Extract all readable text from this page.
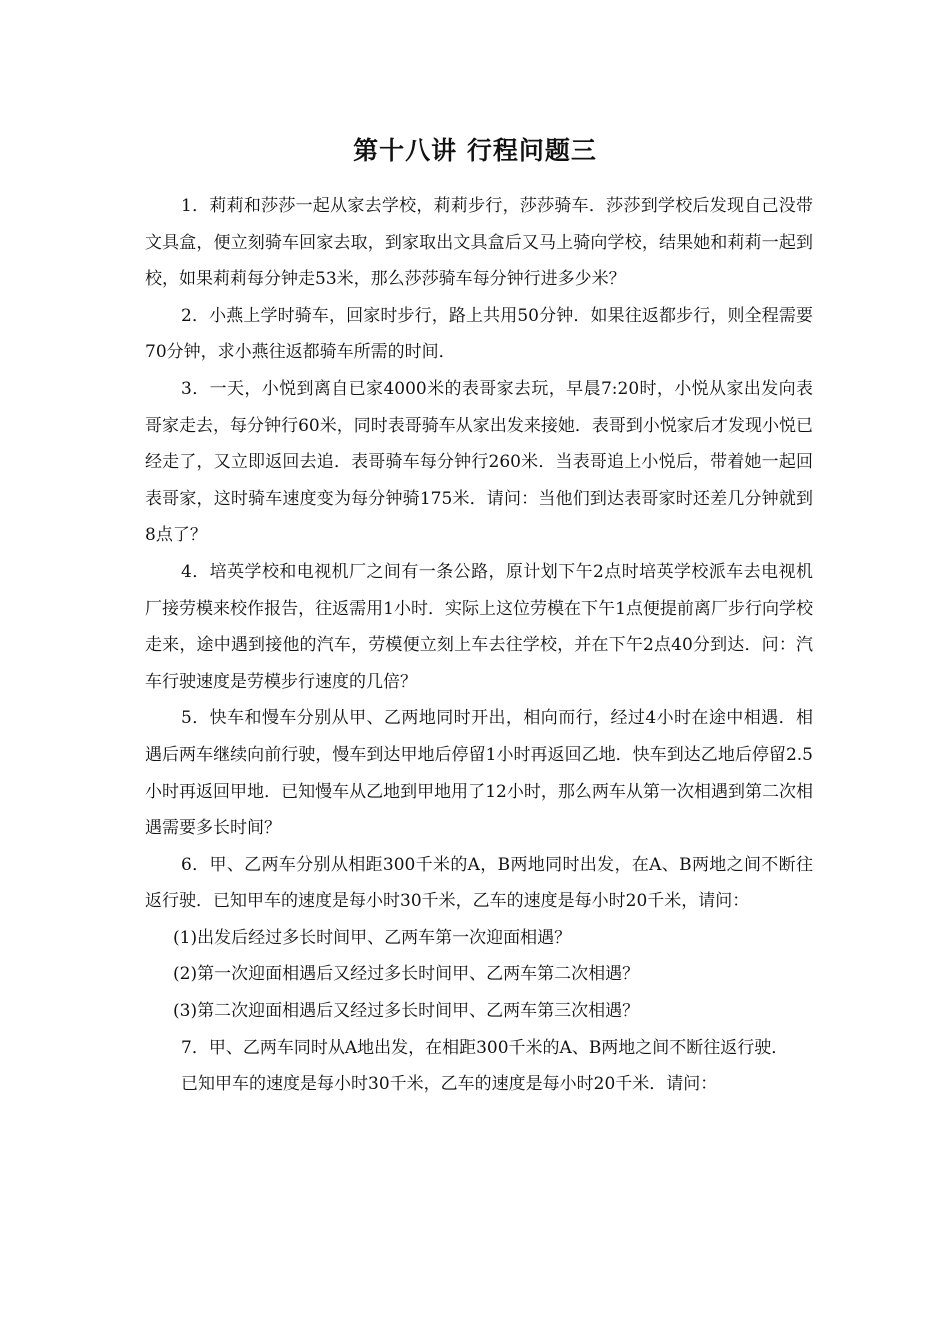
第十八讲 行程问题三

1．莉莉和莎莎一起从家去学校，莉莉步行，莎莎骑车．莎莎到学校后发现自己没带文具盒，便立刻骑车回家去取，到家取出文具盒后又马上骑向学校，结果她和莉莉一起到校，如果莉莉每分钟走53米，那么莎莎骑车每分钟行进多少米？

2．小燕上学时骑车，回家时步行，路上共用50分钟．如果往返都步行，则全程需要70分钟，求小燕往返都骑车所需的时间．

3．一天，小悦到离自已家4000米的表哥家去玩，早晨7:20时，小悦从家出发向表哥家走去，每分钟行60米，同时表哥骑车从家出发来接她．表哥到小悦家后才发现小悦已经走了，又立即返回去追．表哥骑车每分钟行260米．当表哥追上小悦后，带着她一起回表哥家，这时骑车速度变为每分钟骑175米．请问：当他们到达表哥家时还差几分钟就到8点了？

4．培英学校和电视机厂之间有一条公路，原计划下午2点时培英学校派车去电视机厂接劳模来校作报告，往返需用1小时．实际上这位劳模在下午1点便提前离厂步行向学校走来，途中遇到接他的汽车，劳模便立刻上车去往学校，并在下午2点40分到达．问：汽车行驶速度是劳模步行速度的几倍？

5．快车和慢车分别从甲、乙两地同时开出，相向而行，经过4小时在途中相遇．相遇后两车继续向前行驶，慢车到达甲地后停留1小时再返回乙地．快车到达乙地后停留2.5小时再返回甲地．已知慢车从乙地到甲地用了12小时，那么两车从第一次相遇到第二次相遇需要多长时间？

6．甲、乙两车分别从相距300千米的A，B两地同时出发，在A、B两地之间不断往返行驶．已知甲车的速度是每小时30千米，乙车的速度是每小时20千米，请问：

(1)出发后经过多长时间甲、乙两车第一次迎面相遇？

(2)第一次迎面相遇后又经过多长时间甲、乙两车第二次相遇？

(3)第二次迎面相遇后又经过多长时间甲、乙两车第三次相遇？

7．甲、乙两车同时从A地出发，在相距300千米的A、B两地之间不断往返行驶．

已知甲车的速度是每小时30千米，乙车的速度是每小时20千米．请问：
